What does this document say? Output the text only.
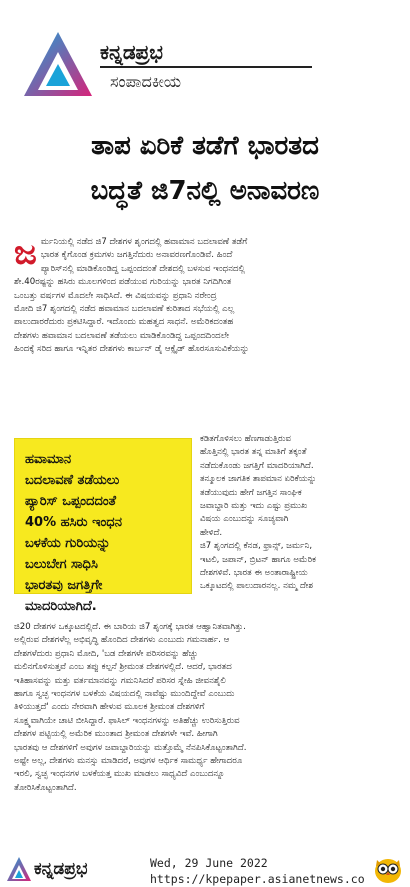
ಕನ್ನಡಪ್ರಭ
ಸಂಪಾದಕೀಯ
ತಾಪ ಏರಿಕೆ ತಡೆಗೆ ಭಾರತದ
ಬದ್ಧತೆ ಜಿ7ನಲ್ಲಿ ಅನಾವರಣ
ಜ ರ್ಮನಿಯಲ್ಲಿ ನಡೆದ ಜಿ7 ದೇಶಗಳ ಶೃಂಗದಲ್ಲಿ ಹವಾಮಾನ ಬದಲಾವಣೆ ತಡೆಗೆ
ಭಾರತ ಕೈಗೊಂಡ ಕ್ರಮಗಳು ಜಗತ್ತಿನೆದುರು ಅನಾವರಣಗೊಂಡಿವೆ. ಹಿಂದೆ
ಪ್ಯಾರಿಸ್‌ನಲ್ಲಿ ಮಾಡಿಕೊಂಡಿದ್ದ ಒಪ್ಪಂದದಂತೆ ದೇಶದಲ್ಲಿ ಬಳಸುವ ಇಂಧನದಲ್ಲಿ
ಶೇ.40ರಷ್ಟನ್ನು ಹಸಿರು ಮೂಲಗಳಿಂದ ಪಡೆಯುವ ಗುರಿಯನ್ನು ಭಾರತ ನಿಗದಿಗಿಂತ
ಒಂಬತ್ತು ವರ್ಷಗಳ ಮೊದಲೇ ಸಾಧಿಸಿದೆ. ಈ ವಿಷಯವನ್ನು ಪ್ರಧಾನಿ ನರೇಂದ್ರ
ಮೋದಿ ಜಿ7 ಶೃಂಗದಲ್ಲಿ ನಡೆದ ಹವಾಮಾನ ಬದಲಾವಣೆ ಕುರಿತಾದ ಸಭೆಯಲ್ಲಿ ಎಲ್ಲ
ಪಾಲುದಾರರೆದುರು ಪ್ರಕಟಿಸಿದ್ದಾರೆ. ಇದೊಂದು ಮಹತ್ವದ ಸಾಧನೆ. ಅಮೆರಿಕದಂತಹ
ದೇಶಗಳು ಹವಾಮಾನ ಬದಲಾವಣೆ ತಡೆಯಲು ಮಾಡಿಕೊಂಡಿದ್ದ ಒಪ್ಪಂದದಿಂದಲೇ
ಹಿಂದಕ್ಕೆ ಸರಿದ ಹಾಗೂ ಇನ್ನಿತರ ದೇಶಗಳು ಕಾರ್ಬನ್ ಡೈ ಆಕ್ಸೈಡ್ ಹೊರಸೂಸುವಿಕೆಯನ್ನು
ಹವಾಮಾನ
ಬದಲಾವಣೆ ತಡೆಯಲು
ಪ್ಯಾರಿಸ್ ಒಪ್ಪಂದದಂತೆ
40% ಹಸಿರು ಇಂಧನ
ಬಳಕೆಯ ಗುರಿಯನ್ನು
ಬಲುಬೇಗ ಸಾಧಿಸಿ
ಭಾರತವು ಜಗತ್ತಿಗೇ
ಮಾದರಿಯಾಗಿದೆ.
ಕಡಿತಗೊಳಿಸಲು ಹೆಣಗಾಡುತ್ತಿರುವ
ಹೊತ್ತಿನಲ್ಲಿ ಭಾರತ ತನ್ನ ಮಾತಿಗೆ ತಕ್ಕಂತೆ
ನಡೆದುಕೊಂಡು ಜಗತ್ತಿಗೆ ಮಾದರಿಯಾಗಿದೆ.
ತನ್ಮೂಲಕ ಜಾಗತಿಕ ತಾಪಮಾನ ಏರಿಕೆಯನ್ನು
ತಡೆಯುವುದು ಹೇಗೆ ಜಗತ್ತಿನ ಸಾಂಘಿಕ
ಜವಾಬ್ದಾರಿ ಮತ್ತು ಇದು ಎಷ್ಟು ಪ್ರಮುಖ
ವಿಷಯ ಎಂಬುದನ್ನು ಸೂಚ್ಯವಾಗಿ
ಹೇಳಿದೆ.
ಜಿ7 ಶೃಂಗದಲ್ಲಿ ಕೆನಡ, ಫ್ರಾನ್ಸ್, ಜರ್ಮನಿ,
ಇಟಲಿ, ಜಪಾನ್, ಬ್ರಿಟನ್ ಹಾಗೂ ಅಮೆರಿಕ
ದೇಶಗಳಿವೆ. ಭಾರತ ಈ ಅಂತಾರಾಷ್ಟ್ರೀಯ
ಒಕ್ಕೂಟದಲ್ಲಿ ಪಾಲುದಾರನಲ್ಲ. ನಮ್ಮ ದೇಶ
ಜಿ20 ದೇಶಗಳ ಒಕ್ಕೂಟದಲ್ಲಿದೆ. ಈ ಬಾರಿಯ ಜಿ7 ಶೃಂಗಕ್ಕೆ ಭಾರತ ಆಹ್ವಾನಿತವಾಗಿತ್ತು.
ಅಲ್ಲಿರುವ ದೇಶಗಳೆಲ್ಲ ಅಭಿವೃದ್ಧಿ ಹೊಂದಿದ ದೇಶಗಳು ಎಂಬುದು ಗಮನಾರ್ಹ. ಆ
ದೇಶಗಳೆದುರು ಪ್ರಧಾನಿ ಮೋದಿ, 'ಬಡ ದೇಶಗಳೇ ಪರಿಸರವನ್ನು ಹೆಚ್ಚು
ಮಲಿನಗೊಳಿಸುತ್ತವೆ ಎಂಬ ತಪ್ಪು ಕಲ್ಪನೆ ಶ್ರೀಮಂತ ದೇಶಗಳಲ್ಲಿದೆ. ಆದರೆ, ಭಾರತದ
ಇತಿಹಾಸವನ್ನು ಮತ್ತು ವರ್ತಮಾನವನ್ನು ಗಮನಿಸಿದರೆ ಪರಿಸರ ಸ್ನೇಹಿ ಜೀವನಶೈಲಿ
ಹಾಗೂ ಸ್ವಚ್ಛ ಇಂಧನಗಳ ಬಳಕೆಯ ವಿಷಯದಲ್ಲಿ ನಾವೆಷ್ಟು ಮುಂದಿದ್ದೇವೆ ಎಂಬುದು
ತಿಳಿಯುತ್ತದೆ' ಎಂದು ನೇರವಾಗಿ ಹೇಳುವ ಮೂಲಕ ಶ್ರೀಮಂತ ದೇಶಗಳಿಗೆ
ಸೂಕ್ಷ್ಮವಾಗಿಯೇ ಚಾಟಿ ಬೀಸಿದ್ದಾರೆ. ಫಾಸಿಲ್ ಇಂಧನಗಳನ್ನು ಅತಿಹೆಚ್ಚು ಉರಿಸುತ್ತಿರುವ
ದೇಶಗಳ ಪಟ್ಟಿಯಲ್ಲಿ ಅಮೆರಿಕ ಮುಂತಾದ ಶ್ರೀಮಂತ ದೇಶಗಳೇ ಇವೆ. ಹೀಗಾಗಿ
ಭಾರತವು ಆ ದೇಶಗಳಿಗೆ ಅವುಗಳ ಜವಾಬ್ದಾರಿಯನ್ನು ಮತ್ತೊಮ್ಮೆ ನೆನಪಿಸಿಕೊಟ್ಟಂತಾಗಿದೆ.
ಅಷ್ಟೇ ಅಲ್ಲ, ದೇಶಗಳು ಮನಸ್ಸು ಮಾಡಿದರೆ, ಅವುಗಳ ಆರ್ಥಿಕ ಸಾಮರ್ಥ್ಯ ಹೇಗಾದರೂ
ಇರಲಿ, ಸ್ವಚ್ಛ ಇಂಧನಗಳ ಬಳಕೆಯತ್ತ ಮುಖ ಮಾಡಲು ಸಾಧ್ಯವಿದೆ ಎಂಬುದನ್ನೂ
ತೋರಿಸಿಕೊಟ್ಟಂತಾಗಿದೆ.
ಕನ್ನಡಪ್ರಭ	Wed, 29 June 2022
https://kpepaper.asianetnews.co
